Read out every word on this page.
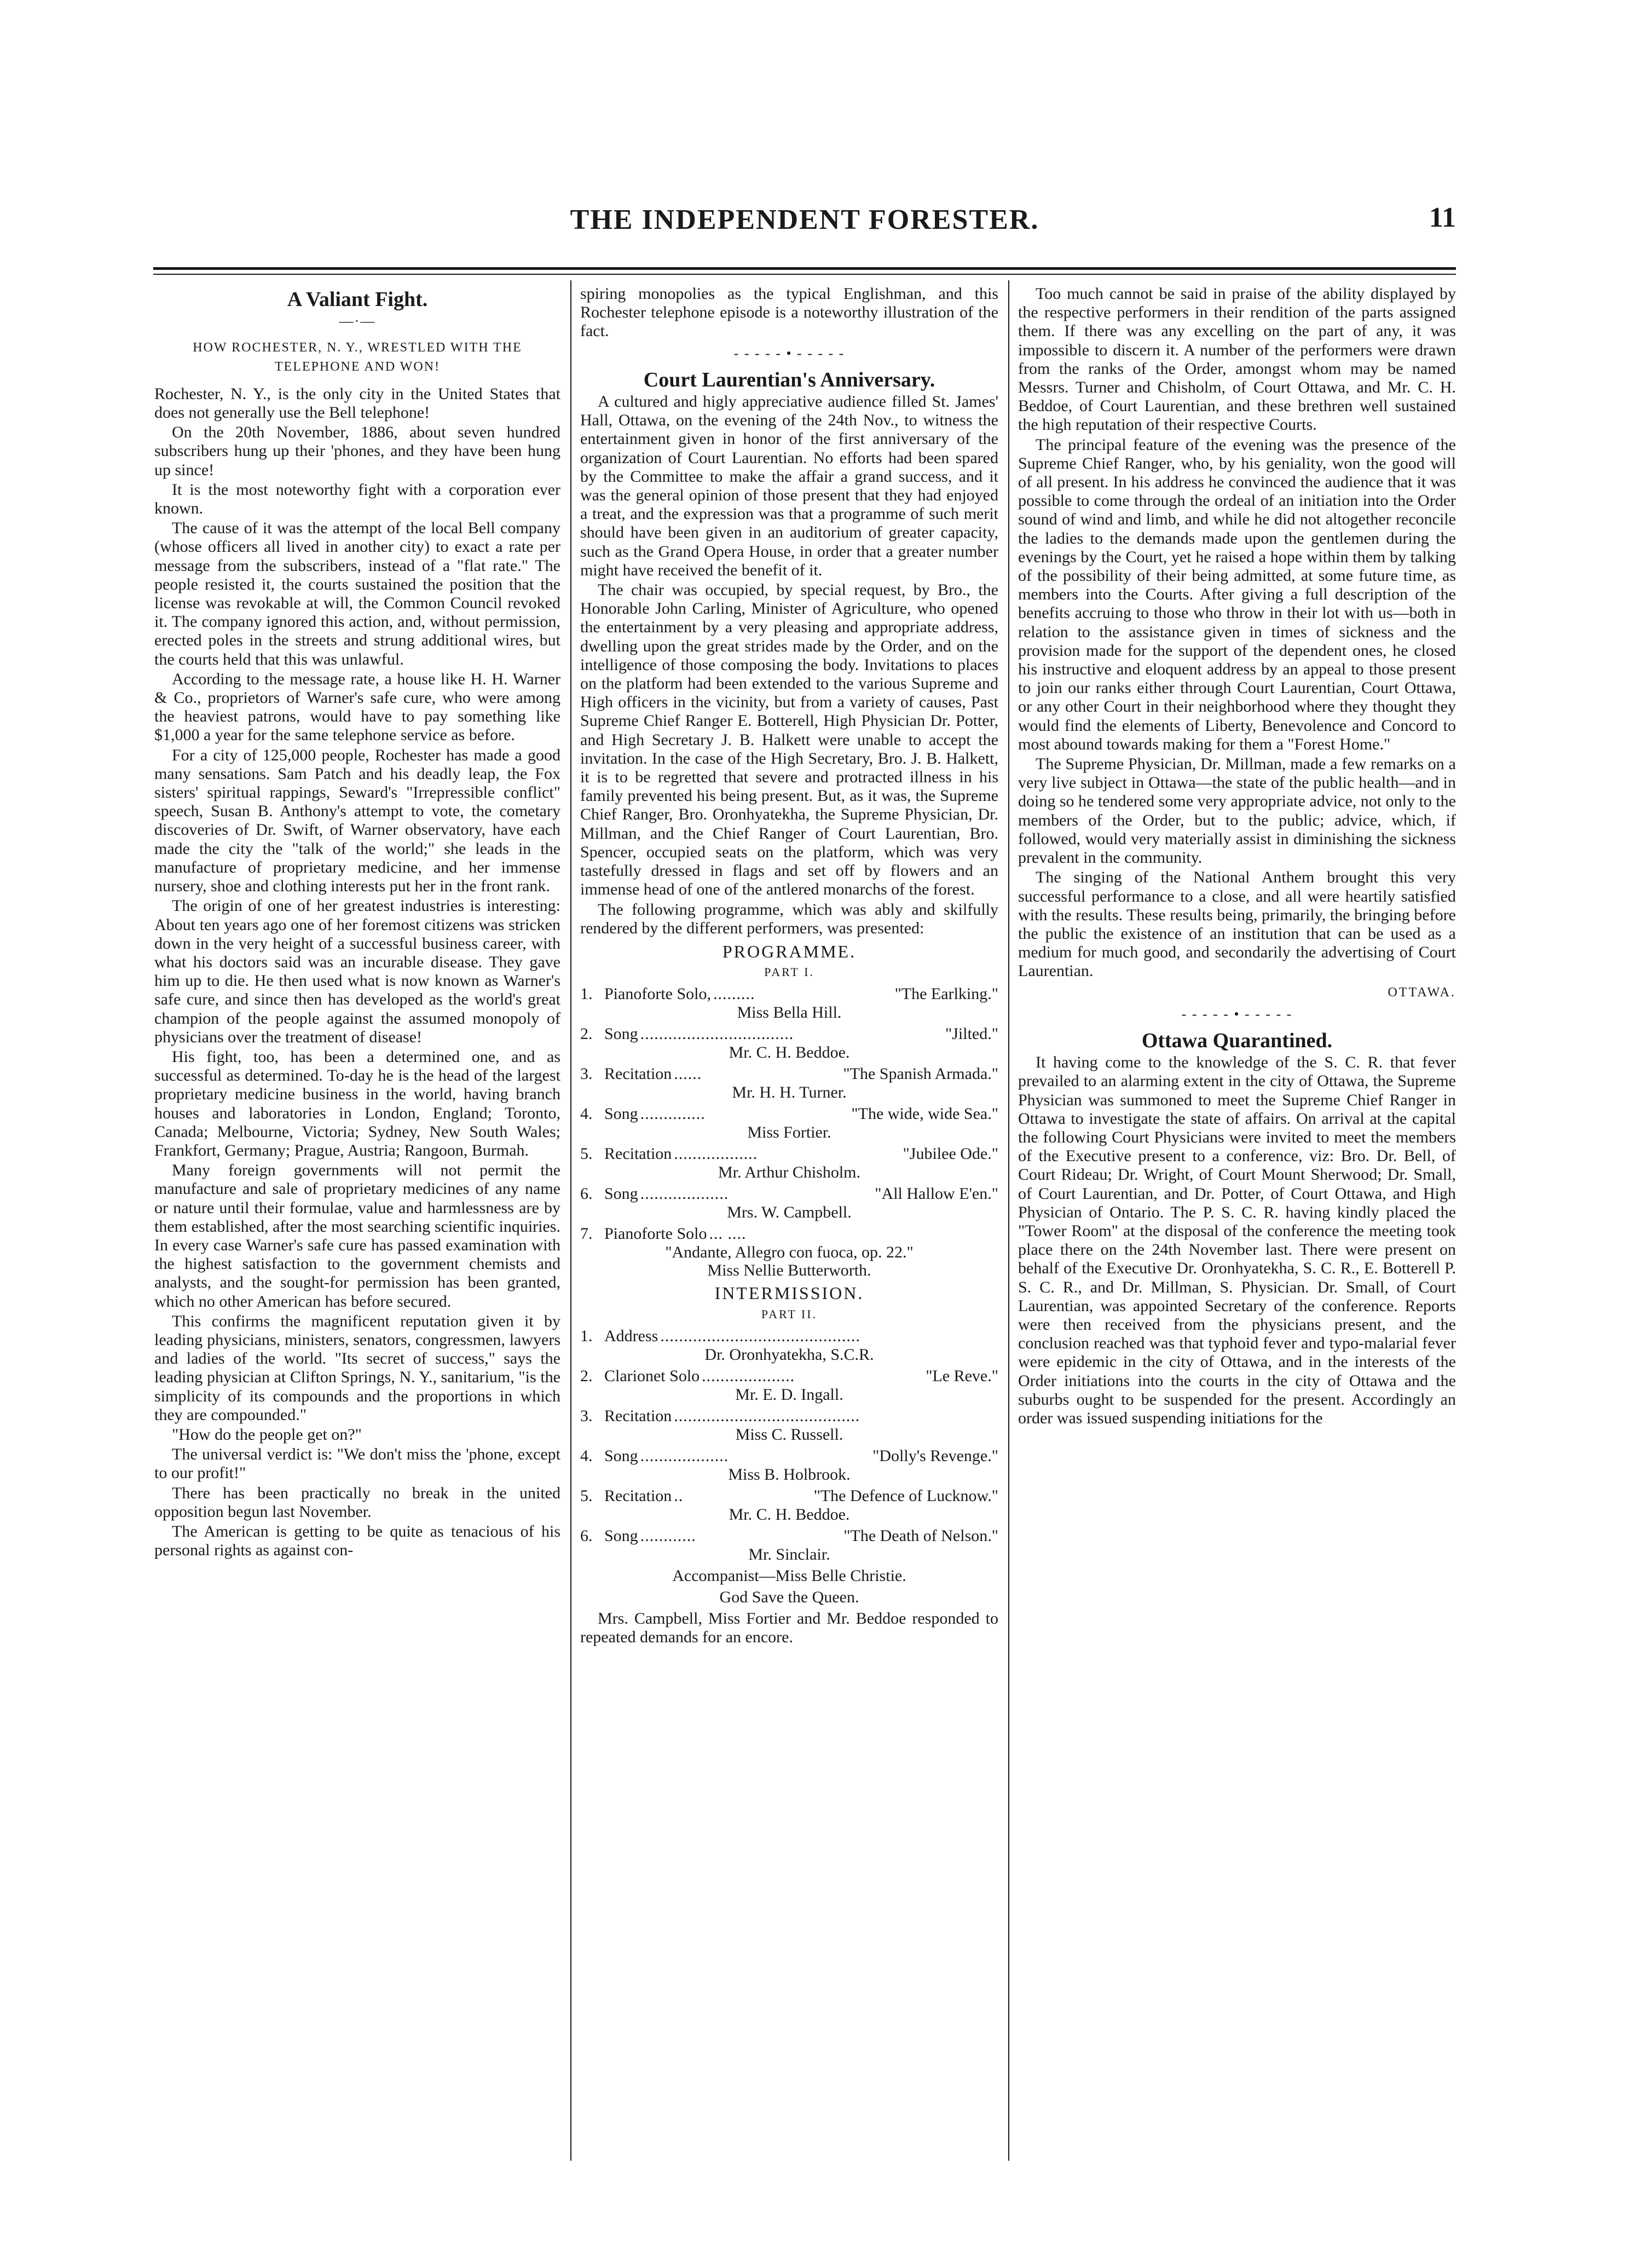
THE INDEPENDENT FORESTER.	11
A Valiant Fight.
—·—
HOW ROCHESTER, N. Y., WRESTLED WITH THE TELEPHONE AND WON!

Rochester, N. Y., is the only city in the United States that does not generally use the Bell telephone!

On the 20th November, 1886, about seven hundred subscribers hung up their 'phones, and they have been hung up since!

It is the most noteworthy fight with a corporation ever known.

The cause of it was the attempt of the local Bell company (whose officers all lived in another city) to exact a rate per message from the subscribers, instead of a "flat rate." The people resisted it, the courts sustained the position that the license was revokable at will, the Common Council revoked it. The company ignored this action, and, without permission, erected poles in the streets and strung additional wires, but the courts held that this was unlawful.

According to the message rate, a house like H. H. Warner & Co., proprietors of Warner's safe cure, who were among the heaviest patrons, would have to pay something like $1,000 a year for the same telephone service as before.

For a city of 125,000 people, Rochester has made a good many sensations. Sam Patch and his deadly leap, the Fox sisters' spiritual rappings, Seward's "Irrepressible conflict" speech, Susan B. Anthony's attempt to vote, the cometary discoveries of Dr. Swift, of Warner observatory, have each made the city the "talk of the world;" she leads in the manufacture of proprietary medicine, and her immense nursery, shoe and clothing interests put her in the front rank.

The origin of one of her greatest industries is interesting: About ten years ago one of her foremost citizens was stricken down in the very height of a successful business career, with what his doctors said was an incurable disease. They gave him up to die. He then used what is now known as Warner's safe cure, and since then has developed as the world's great champion of the people against the assumed monopoly of physicians over the treatment of disease!

His fight, too, has been a determined one, and as successful as determined. To-day he is the head of the largest proprietary medicine business in the world, having branch houses and laboratories in London, England; Toronto, Canada; Melbourne, Victoria; Sydney, New South Wales; Frankfort, Germany; Prague, Austria; Rangoon, Burmah.

Many foreign governments will not permit the manufacture and sale of proprietary medicines of any name or nature until their formulae, value and harmlessness are by them established, after the most searching scientific inquiries. In every case Warner's safe cure has passed examination with the highest satisfaction to the government chemists and analysts, and the sought-for permission has been granted, which no other American has before secured.

This confirms the magnificent reputation given it by leading physicians, ministers, senators, congressmen, lawyers and ladies of the world. "Its secret of success," says the leading physician at Clifton Springs, N. Y., sanitarium, "is the simplicity of its compounds and the proportions in which they are compounded."

"How do the people get on?"

The universal verdict is: "We don't miss the 'phone, except to our profit!"

There has been practically no break in the united opposition begun last November.

The American is getting to be quite as tenacious of his personal rights as against con-

spiring monopolies as the typical Englishman, and this Rochester telephone episode is a noteworthy illustration of the fact.

- - - - - • - - - - -
Court Laurentian's Anniversary.

A cultured and higly appreciative audience filled St. James' Hall, Ottawa, on the evening of the 24th Nov., to witness the entertainment given in honor of the first anniversary of the organization of Court Laurentian. No efforts had been spared by the Committee to make the affair a grand success, and it was the general opinion of those present that they had enjoyed a treat, and the expression was that a programme of such merit should have been given in an auditorium of greater capacity, such as the Grand Opera House, in order that a greater number might have received the benefit of it.

The chair was occupied, by special request, by Bro., the Honorable John Carling, Minister of Agriculture, who opened the entertainment by a very pleasing and appropriate address, dwelling upon the great strides made by the Order, and on the intelligence of those composing the body. Invitations to places on the platform had been extended to the various Supreme and High officers in the vicinity, but from a variety of causes, Past Supreme Chief Ranger E. Botterell, High Physician Dr. Potter, and High Secretary J. B. Halkett were unable to accept the invitation. In the case of the High Secretary, Bro. J. B. Halkett, it is to be regretted that severe and protracted illness in his family prevented his being present. But, as it was, the Supreme Chief Ranger, Bro. Oronhyatekha, the Supreme Physician, Dr. Millman, and the Chief Ranger of Court Laurentian, Bro. Spencer, occupied seats on the platform, which was very tastefully dressed in flags and set off by flowers and an immense head of one of the antlered monarchs of the forest.

The following programme, which was ably and skilfully rendered by the different performers, was presented:

PROGRAMME.
PART I.
1. Pianoforte Solo, .........	"The Earlking."
Miss Bella Hill.
2. Song .................................	"Jilted."
Mr. C. H. Beddoe.
3. Recitation ......	"The Spanish Armada."
Mr. H. H. Turner.
4. Song ..............	"The wide, wide Sea."
Miss Fortier.
5. Recitation ..................	"Jubilee Ode."
Mr. Arthur Chisholm.
6. Song ...................	"All Hallow E'en."
Mrs. W. Campbell.
7. Pianoforte Solo ... ....
"Andante, Allegro con fuoca, op. 22."
Miss Nellie Butterworth.
INTERMISSION.
PART II.
1. Address ...........................................
Dr. Oronhyatekha, S.C.R.
2. Clarionet Solo ....................	"Le Reve."
Mr. E. D. Ingall.
3. Recitation ........................................
Miss C. Russell.
4. Song ...................	"Dolly's Revenge."
Miss B. Holbrook.
5. Recitation ..	"The Defence of Lucknow."
Mr. C. H. Beddoe.
6. Song ............	"The Death of Nelson."
Mr. Sinclair.
Accompanist—Miss Belle Christie.
God Save the Queen.

Mrs. Campbell, Miss Fortier and Mr. Beddoe responded to repeated demands for an encore.

Too much cannot be said in praise of the ability displayed by the respective performers in their rendition of the parts assigned them. If there was any excelling on the part of any, it was impossible to discern it. A number of the performers were drawn from the ranks of the Order, amongst whom may be named Messrs. Turner and Chisholm, of Court Ottawa, and Mr. C. H. Beddoe, of Court Laurentian, and these brethren well sustained the high reputation of their respective Courts.

The principal feature of the evening was the presence of the Supreme Chief Ranger, who, by his geniality, won the good will of all present. In his address he convinced the audience that it was possible to come through the ordeal of an initiation into the Order sound of wind and limb, and while he did not altogether reconcile the ladies to the demands made upon the gentlemen during the evenings by the Court, yet he raised a hope within them by talking of the possibility of their being admitted, at some future time, as members into the Courts. After giving a full description of the benefits accruing to those who throw in their lot with us—both in relation to the assistance given in times of sickness and the provision made for the support of the dependent ones, he closed his instructive and eloquent address by an appeal to those present to join our ranks either through Court Laurentian, Court Ottawa, or any other Court in their neighborhood where they thought they would find the elements of Liberty, Benevolence and Concord to most abound towards making for them a "Forest Home."

The Supreme Physician, Dr. Millman, made a few remarks on a very live subject in Ottawa—the state of the public health—and in doing so he tendered some very appropriate advice, not only to the members of the Order, but to the public; advice, which, if followed, would very materially assist in diminishing the sickness prevalent in the community.

The singing of the National Anthem brought this very successful performance to a close, and all were heartily satisfied with the results. These results being, primarily, the bringing before the public the existence of an institution that can be used as a medium for much good, and secondarily the advertising of Court Laurentian.

OTTAWA.
- - - - - • - - - - -
Ottawa Quarantined.

It having come to the knowledge of the S. C. R. that fever prevailed to an alarming extent in the city of Ottawa, the Supreme Physician was summoned to meet the Supreme Chief Ranger in Ottawa to investigate the state of affairs. On arrival at the capital the following Court Physicians were invited to meet the members of the Executive present to a conference, viz: Bro. Dr. Bell, of Court Rideau; Dr. Wright, of Court Mount Sherwood; Dr. Small, of Court Laurentian, and Dr. Potter, of Court Ottawa, and High Physician of Ontario. The P. S. C. R. having kindly placed the "Tower Room" at the disposal of the conference the meeting took place there on the 24th November last. There were present on behalf of the Executive Dr. Oronhyatekha, S. C. R., E. Botterell P. S. C. R., and Dr. Millman, S. Physician. Dr. Small, of Court Laurentian, was appointed Secretary of the conference. Reports were then received from the physicians present, and the conclusion reached was that typhoid fever and typo-malarial fever were epidemic in the city of Ottawa, and in the interests of the Order initiations into the courts in the city of Ottawa and the suburbs ought to be suspended for the present. Accordingly an order was issued suspending initiations for the
